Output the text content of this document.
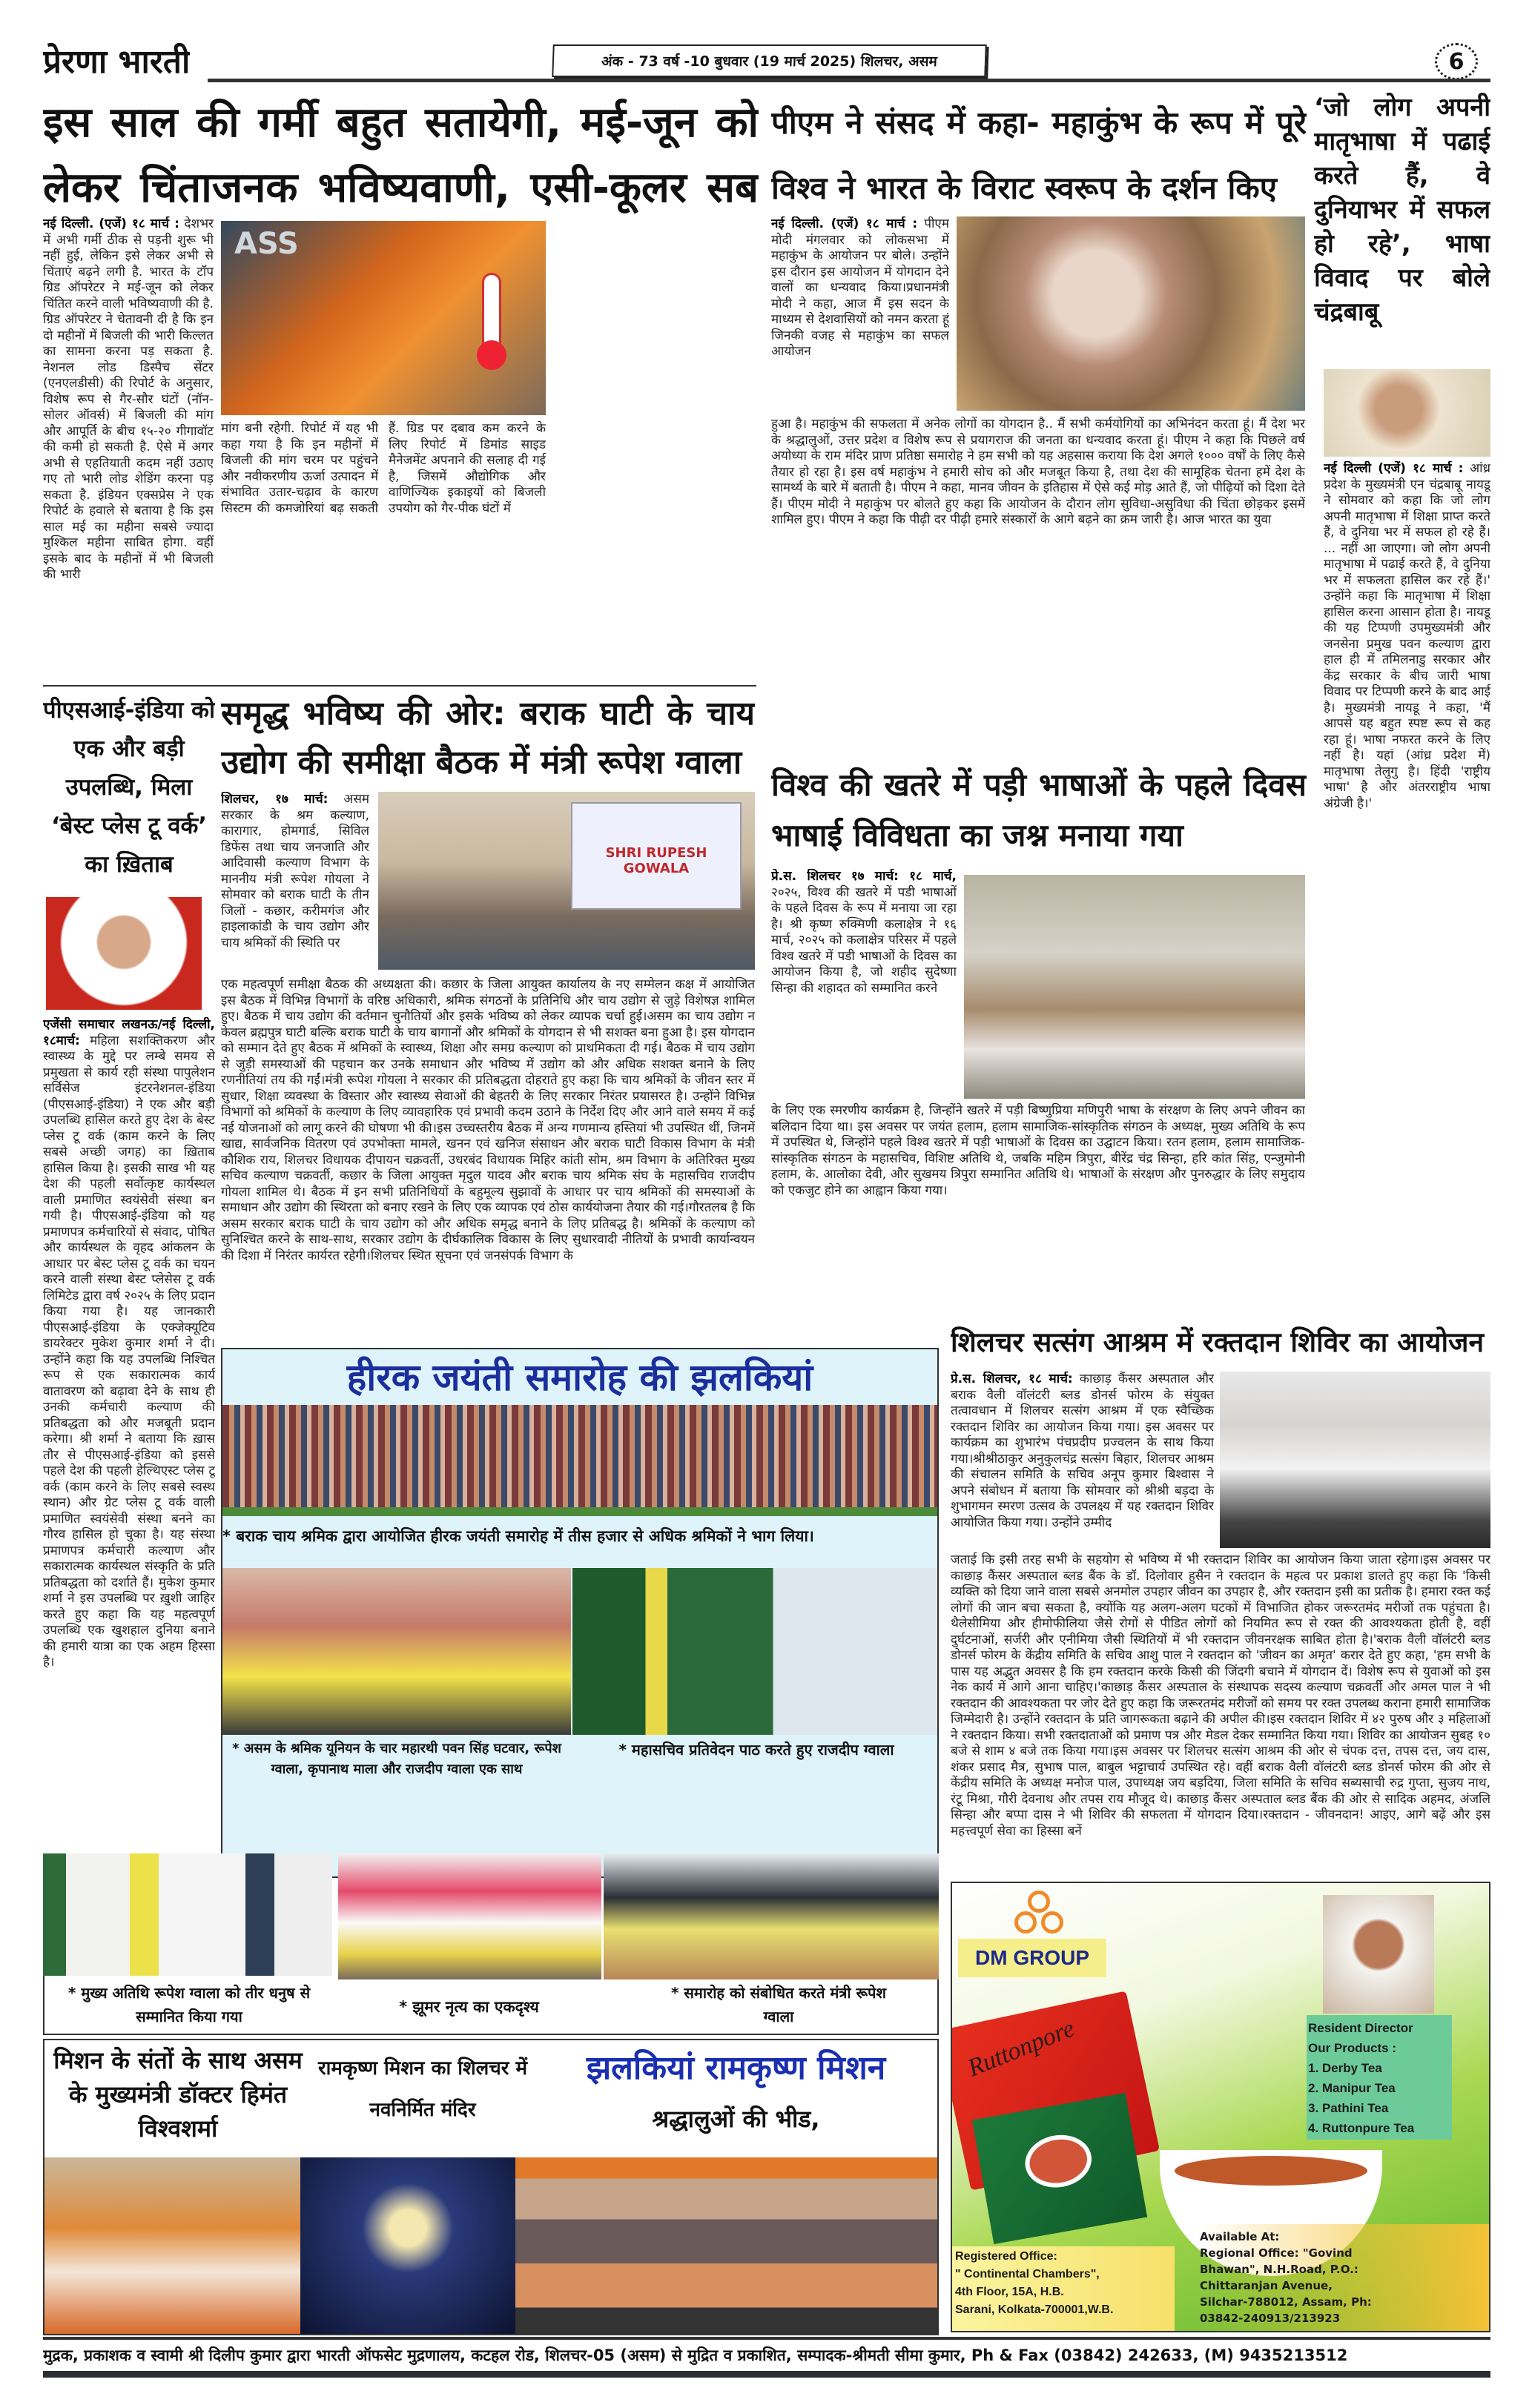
प्रेरणा भारती	अंक - 73 वर्ष -10 बुधवार (19 मार्च 2025) शिलचर, असम	6
इस साल की गर्मी बहुत सतायेगी, मई-जून को लेकर चिंताजनक भविष्यवाणी, एसी-कूलर सब
नई दिल्ली. (एजें) १८ मार्च : देशभर में अभी गर्मी ठीक से पड़नी शुरू भी नहीं हुई, लेकिन इसे लेकर अभी से चिंताएं बढ़ने लगी है. भारत के टॉप ग्रिड ऑपरेटर ने मई-जून को लेकर चिंतित करने वाली भविष्यवाणी की है. ग्रिड ऑपरेटर ने चेतावनी दी है कि इन दो महीनों में बिजली की भारी किल्लत का सामना करना पड़ सकता है. नेशनल लोड डिस्पैच सेंटर (एनएलडीसी) की रिपोर्ट के अनुसार, विशेष रूप से गैर-सौर घंटों (नॉन-सोलर ऑवर्स) में बिजली की मांग और आपूर्ति के बीच १५-२० गीगावॉट की कमी हो सकती है. ऐसे में अगर अभी से एहतियाती कदम नहीं उठाए गए तो भारी लोड शेडिंग करना पड़ सकता है. इंडियन एक्सप्रेस ने एक रिपोर्ट के हवाले से बताया है कि इस साल मई का महीना सबसे ज्यादा मुश्किल महीना साबित होगा. वहीं इसके बाद के महीनों में भी बिजली की भारी
ASS
मांग बनी रहेगी. रिपोर्ट में यह भी कहा गया है कि इन महीनों में बिजली की मांग चरम पर पहुंचने और नवीकरणीय ऊर्जा उत्पादन में संभावित उतार-चढ़ाव के कारण सिस्टम की कमजोरियां बढ़ सकती हैं. ग्रिड पर दबाव कम करने के लिए रिपोर्ट में डिमांड साइड मैनेजमेंट अपनाने की सलाह दी गई है, जिसमें औद्योगिक और वाणिज्यिक इकाइयों को बिजली उपयोग को गैर-पीक घंटों में
पीएम ने संसद में कहा- महाकुंभ के रूप में पूरे विश्व ने भारत के विराट स्वरूप के दर्शन किए
नई दिल्ली. (एजें) १८ मार्च : पीएम मोदी मंगलवार को लोकसभा में महाकुंभ के आयोजन पर बोले। उन्होंने इस दौरान इस आयोजन में योगदान देने वालों का धन्यवाद किया।प्रधानमंत्री मोदी ने कहा, आज मैं इस सदन के माध्यम से देशवासियों को नमन करता हूं जिनकी वजह से महाकुंभ का सफल आयोजन
हुआ है। महाकुंभ की सफलता में अनेक लोगों का योगदान है.. मैं सभी कर्मयोगियों का अभिनंदन करता हूं। मैं देश भर के श्रद्धालुओं, उत्तर प्रदेश व विशेष रूप से प्रयागराज की जनता का धन्यवाद करता हूं। पीएम ने कहा कि पिछले वर्ष अयोध्या के राम मंदिर प्राण प्रतिष्ठा समारोह ने हम सभी को यह अहसास कराया कि देश अगले १००० वर्षों के लिए कैसे तैयार हो रहा है। इस वर्ष महाकुंभ ने हमारी सोच को और मजबूत किया है, तथा देश की सामूहिक चेतना हमें देश के सामर्थ्य के बारे में बताती है। पीएम ने कहा, मानव जीवन के इतिहास में ऐसे कई मोड़ आते हैं, जो पीढ़ियों को दिशा देते हैं। पीएम मोदी ने महाकुंभ पर बोलते हुए कहा कि आयोजन के दौरान लोग सुविधा-असुविधा की चिंता छोड़कर इसमें शामिल हुए। पीएम ने कहा कि पीढ़ी दर पीढ़ी हमारे संस्कारों के आगे बढ़ने का क्रम जारी है। आज भारत का युवा
‘जो लोग अपनी मातृभाषा में पढाई करते हैं, वे दुनियाभर में सफल हो रहे’, भाषा विवाद पर बोले चंद्रबाबू
नई दिल्ली (एजें) १८ मार्च : आंध्र प्रदेश के मुख्यमंत्री एन चंद्रबाबू नायडू ने सोमवार को कहा कि जो लोग अपनी मातृभाषा में शिक्षा प्राप्त करते हैं, वे दुनिया भर में सफल हो रहे हैं। ... नहीं आ जाएगा। जो लोग अपनी मातृभाषा में पढाई करते हैं, वे दुनिया भर में सफलता हासिल कर रहे हैं।' उन्होंने कहा कि मातृभाषा में शिक्षा हासिल करना आसान होता है। नायडू की यह टिप्पणी उपमुख्यमंत्री और जनसेना प्रमुख पवन कल्याण द्वारा हाल ही में तमिलनाडु सरकार और केंद्र सरकार के बीच जारी भाषा विवाद पर टिप्पणी करने के बाद आई है। मुख्यमंत्री नायडू ने कहा, 'मैं आपसे यह बहुत स्पष्ट रूप से कह रहा हूं। भाषा नफरत करने के लिए नहीं है। यहां (आंध्र प्रदेश में) मातृभाषा तेलुगु है। हिंदी 'राष्ट्रीय भाषा' है और अंतरराष्ट्रीय भाषा अंग्रेजी है।'
पीएसआई-इंडिया को एक और बड़ी उपलब्धि, मिला ‘बेस्ट प्लेस टू वर्क’ का ख़िताब
एजेंसी समाचार लखनऊ/नई दिल्ली, १८मार्च: महिला सशक्तिकरण और स्वास्थ्य के मुद्दे पर लम्बे समय से प्रमुखता से कार्य रही संस्था पापुलेशन सर्विसेज इंटरनेशनल-इंडिया (पीएसआई-इंडिया) ने एक और बड़ी उपलब्धि हासिल करते हुए देश के बेस्ट प्लेस टू वर्क (काम करने के लिए सबसे अच्छी जगह) का ख़िताब हासिल किया है। इसकी साख भी यह देश की पहली सर्वोत्कृष्ट कार्यस्थल वाली प्रमाणित स्वयंसेवी संस्था बन गयी है। पीएसआई-इंडिया को यह प्रमाणपत्र कर्मचारियों से संवाद, पोषित और कार्यस्थल के वृहद आंकलन के आधार पर बेस्ट प्लेस टू वर्क का चयन करने वाली संस्था बेस्ट प्लेसेस टू वर्क लिमिटेड द्वारा वर्ष २०२५ के लिए प्रदान किया गया है। यह जानकारी पीएसआई-इंडिया के एक्जेक्यूटिव डायरेक्टर मुकेश कुमार शर्मा ने दी। उन्होंने कहा कि यह उपलब्धि निश्चित रूप से एक सकारात्मक कार्य वातावरण को बढ़ावा देने के साथ ही उनकी कर्मचारी कल्याण की प्रतिबद्धता को और मजबूती प्रदान करेगा। श्री शर्मा ने बताया कि ख़ास तौर से पीएसआई-इंडिया को इससे पहले देश की पहली हेल्थिएस्ट प्लेस टू वर्क (काम करने के लिए सबसे स्वस्थ स्थान) और ग्रेट प्लेस टू वर्क वाली प्रमाणित स्वयंसेवी संस्था बनने का गौरव हासिल हो चुका है। यह संस्था प्रमाणपत्र कर्मचारी कल्याण और सकारात्मक कार्यस्थल संस्कृति के प्रति प्रतिबद्धता को दर्शाते हैं। मुकेश कुमार शर्मा ने इस उपलब्धि पर ख़ुशी जाहिर करते हुए कहा कि यह महत्वपूर्ण उपलब्धि एक खुशहाल दुनिया बनाने की हमारी यात्रा का एक अहम हिस्सा है।
समृद्ध भविष्य की ओर: बराक घाटी के चाय उद्योग की समीक्षा बैठक में मंत्री रूपेश ग्वाला
शिलचर, १७ मार्च: असम सरकार के श्रम कल्याण, कारागार, होमगार्ड, सिविल डिफेंस तथा चाय जनजाति और आदिवासी कल्याण विभाग के माननीय मंत्री रूपेश गोयला ने सोमवार को बराक घाटी के तीन जिलों - कछार, करीमगंज और हाइलाकांडी के चाय उद्योग और चाय श्रमिकों की स्थिति पर
SHRI RUPESH GOWALA
एक महत्वपूर्ण समीक्षा बैठक की अध्यक्षता की। कछार के जिला आयुक्त कार्यालय के नए सम्मेलन कक्ष में आयोजित इस बैठक में विभिन्न विभागों के वरिष्ठ अधिकारी, श्रमिक संगठनों के प्रतिनिधि और चाय उद्योग से जुड़े विशेषज्ञ शामिल हुए। बैठक में चाय उद्योग की वर्तमान चुनौतियों और इसके भविष्य को लेकर व्यापक चर्चा हुई।असम का चाय उद्योग न केवल ब्रह्मपुत्र घाटी बल्कि बराक घाटी के चाय बागानों और श्रमिकों के योगदान से भी सशक्त बना हुआ है। इस योगदान को सम्मान देते हुए बैठक में श्रमिकों के स्वास्थ्य, शिक्षा और समग्र कल्याण को प्राथमिकता दी गई। बैठक में चाय उद्योग से जुड़ी समस्याओं की पहचान कर उनके समाधान और भविष्य में उद्योग को और अधिक सशक्त बनाने के लिए रणनीतियां तय की गईं।मंत्री रूपेश गोयला ने सरकार की प्रतिबद्धता दोहराते हुए कहा कि चाय श्रमिकों के जीवन स्तर में सुधार, शिक्षा व्यवस्था के विस्तार और स्वास्थ्य सेवाओं की बेहतरी के लिए सरकार निरंतर प्रयासरत है। उन्होंने विभिन्न विभागों को श्रमिकों के कल्याण के लिए व्यावहारिक एवं प्रभावी कदम उठाने के निर्देश दिए और आने वाले समय में कई नई योजनाओं को लागू करने की घोषणा भी की।इस उच्चस्तरीय बैठक में अन्य गणमान्य हस्तियां भी उपस्थित थीं, जिनमें खाद्य, सार्वजनिक वितरण एवं उपभोक्ता मामले, खनन एवं खनिज संसाधन और बराक घाटी विकास विभाग के मंत्री कौशिक राय, शिलचर विधायक दीपायन चक्रवर्ती, उधरबंद विधायक मिहिर कांती सोम, श्रम विभाग के अतिरिक्त मुख्य सचिव कल्याण चक्रवर्ती, कछार के जिला आयुक्त मृदुल यादव और बराक चाय श्रमिक संघ के महासचिव राजदीप गोयला शामिल थे। बैठक में इन सभी प्रतिनिधियों के बहुमूल्य सुझावों के आधार पर चाय श्रमिकों की समस्याओं के समाधान और उद्योग की स्थिरता को बनाए रखने के लिए एक व्यापक एवं ठोस कार्ययोजना तैयार की गई।गौरतलब है कि असम सरकार बराक घाटी के चाय उद्योग को और अधिक समृद्ध बनाने के लिए प्रतिबद्ध है। श्रमिकों के कल्याण को सुनिश्चित करने के साथ-साथ, सरकार उद्योग के दीर्घकालिक विकास के लिए सुधारवादी नीतियों के प्रभावी कार्यान्वयन की दिशा में निरंतर कार्यरत रहेगी।शिलचर स्थित सूचना एवं जनसंपर्क विभाग के
विश्व की खतरे में पड़ी भाषाओं के पहले दिवस भाषाई विविधता का जश्न मनाया गया
प्रे.स. शिलचर १७ मार्च: १८ मार्च, २०२५, विश्व की खतरे में पडी भाषाओं के पहले दिवस के रूप में मनाया जा रहा है। श्री कृष्ण रुक्मिणी कलाक्षेत्र ने १६ मार्च, २०२५ को कलाक्षेत्र परिसर में पहले विश्व खतरे में पडी भाषाओं के दिवस का आयोजन किया है, जो शहीद सुदेष्णा सिन्हा की शहादत को सम्मानित करने
के लिए एक स्मरणीय कार्यक्रम है, जिन्होंने खतरे में पड़ी बिष्णुप्रिया मणिपुरी भाषा के संरक्षण के लिए अपने जीवन का बलिदान दिया था। इस अवसर पर जयंत हलाम, हलाम सामाजिक-सांस्कृतिक संगठन के अध्यक्ष, मुख्य अतिथि के रूप में उपस्थित थे, जिन्होंने पहले विश्व खतरे में पड़ी भाषाओं के दिवस का उद्घाटन किया। रतन हलाम, हलाम सामाजिक-सांस्कृतिक संगठन के महासचिव, विशिष्ट अतिथि थे, जबकि महिम त्रिपुरा, बीरेंद्र चंद्र सिन्हा, हरि कांत सिंह, एन्जुमोनी हलाम, के. आलोका देवी, और सुखमय त्रिपुरा सम्मानित अतिथि थे। भाषाओं के संरक्षण और पुनरुद्धार के लिए समुदाय को एकजुट होने का आह्वान किया गया।
शिलचर सत्संग आश्रम में रक्तदान शिविर का आयोजन
प्रे.स. शिलचर, १८ मार्च: काछाड़ कैंसर अस्पताल और बराक वैली वॉलंटरी ब्लड डोनर्स फोरम के संयुक्त तत्वावधान में शिलचर सत्संग आश्रम में एक स्वैच्छिक रक्तदान शिविर का आयोजन किया गया। इस अवसर पर कार्यक्रम का शुभारंभ पंचप्रदीप प्रज्वलन के साथ किया गया।श्रीश्रीठाकुर अनुकुलचंद्र सत्संग बिहार, शिलचर आश्रम की संचालन समिति के सचिव अनूप कुमार बिश्वास ने अपने संबोधन में बताया कि सोमवार को श्रीश्री बड़दा के शुभागमन स्मरण उत्सव के उपलक्ष्य में यह रक्तदान शिविर आयोजित किया गया। उन्होंने उम्मीद
जताई कि इसी तरह सभी के सहयोग से भविष्य में भी रक्तदान शिविर का आयोजन किया जाता रहेगा।इस अवसर पर काछाड़ कैंसर अस्पताल ब्लड बैंक के डॉ. दिलोवार हुसैन ने रक्तदान के महत्व पर प्रकाश डालते हुए कहा कि 'किसी व्यक्ति को दिया जाने वाला सबसे अनमोल उपहार जीवन का उपहार है, और रक्तदान इसी का प्रतीक है। हमारा रक्त कई लोगों की जान बचा सकता है, क्योंकि यह अलग-अलग घटकों में विभाजित होकर जरूरतमंद मरीजों तक पहुंचता है। थैलेसीमिया और हीमोफीलिया जैसे रोगों से पीडित लोगों को नियमित रूप से रक्त की आवश्यकता होती है, वहीं दुर्घटनाओं, सर्जरी और एनीमिया जैसी स्थितियों में भी रक्तदान जीवनरक्षक साबित होता है।'बराक वैली वॉलंटरी ब्लड डोनर्स फोरम के केंद्रीय समिति के सचिव आशु पाल ने रक्तदान को 'जीवन का अमृत' करार देते हुए कहा, 'हम सभी के पास यह अद्भुत अवसर है कि हम रक्तदान करके किसी की जिंदगी बचाने में योगदान दें। विशेष रूप से युवाओं को इस नेक कार्य में आगे आना चाहिए।'काछाड़ कैंसर अस्पताल के संस्थापक सदस्य कल्याण चक्रवर्ती और अमल पाल ने भी रक्तदान की आवश्यकता पर जोर देते हुए कहा कि जरूरतमंद मरीजों को समय पर रक्त उपलब्ध कराना हमारी सामाजिक जिम्मेदारी है। उन्होंने रक्तदान के प्रति जागरूकता बढ़ाने की अपील की।इस रक्तदान शिविर में ४२ पुरुष और ३ महिलाओं ने रक्तदान किया। सभी रक्तदाताओं को प्रमाण पत्र और मेडल देकर सम्मानित किया गया। शिविर का आयोजन सुबह १० बजे से शाम ४ बजे तक किया गया।इस अवसर पर शिलचर सत्संग आश्रम की ओर से चंपक दत्त, तपस दत्त, जय दास, शंकर प्रसाद मैत्र, सुभाष पाल, बाबुल भट्टाचार्य उपस्थित रहे। वहीं बराक वैली वॉलंटरी ब्लड डोनर्स फोरम की ओर से केंद्रीय समिति के अध्यक्ष मनोज पाल, उपाध्यक्ष जय बड़दिया, जिला समिति के सचिव सब्यसाची रुद्र गुप्ता, सुजय नाथ, रंटू मिश्रा, गौरी देवनाथ और तपस राय मौजूद थे। काछाड़ कैंसर अस्पताल ब्लड बैंक की ओर से सादिक अहमद, अंजलि सिन्हा और बप्पा दास ने भी शिविर की सफलता में योगदान दिया।रक्तदान - जीवनदान! आइए, आगे बढ़ें और इस महत्त्वपूर्ण सेवा का हिस्सा बनें
हीरक जयंती समारोह की झलकियां
* बराक चाय श्रमिक द्वारा आयोजित हीरक जयंती समारोह में तीस हजार से अधिक श्रमिकों ने भाग लिया।
* असम के श्रमिक यूनियन के चार महारथी पवन सिंह घटवार, रूपेश ग्वाला, कृपानाथ माला और राजदीप ग्वाला एक साथ
* महासचिव प्रतिवेदन पाठ करते हुए राजदीप ग्वाला
* मुख्य अतिथि रूपेश ग्वाला को तीर धनुष से सम्मानित किया गया
* झूमर नृत्य का एकदृश्य
* समारोह को संबोधित करते मंत्री रूपेश ग्वाला
मिशन के संतों के साथ असम के मुख्यमंत्री डॉक्टर हिमंत विश्वशर्मा
रामकृष्ण मिशन का शिलचर में नवनिर्मित मंदिर
झलकियां रामकृष्ण मिशन
श्रद्धालुओं की भीड,
DM GROUP
Ruttonpore	Resident Director
Our Products :
1. Derby Tea
2. Manipur Tea
3. Pathini Tea
4. Ruttonpure Tea
Registered Office:
" Continental Chambers",
4th Floor, 15A, H.B.
Sarani, Kolkata-700001,W.B.
Available At:
Regional Office: "Govind
Bhawan", N.H.Road, P.O.:
Chittaranjan Avenue,
Silchar-788012, Assam, Ph:
03842-240913/213923
मुद्रक, प्रकाशक व स्वामी श्री दिलीप कुमार द्वारा भारती ऑफसेट मुद्रणालय, कटहल रोड, शिलचर-05 (असम) से मुद्रित व प्रकाशित, सम्पादक-श्रीमती सीमा कुमार, Ph & Fax (03842) 242633, (M) 9435213512
